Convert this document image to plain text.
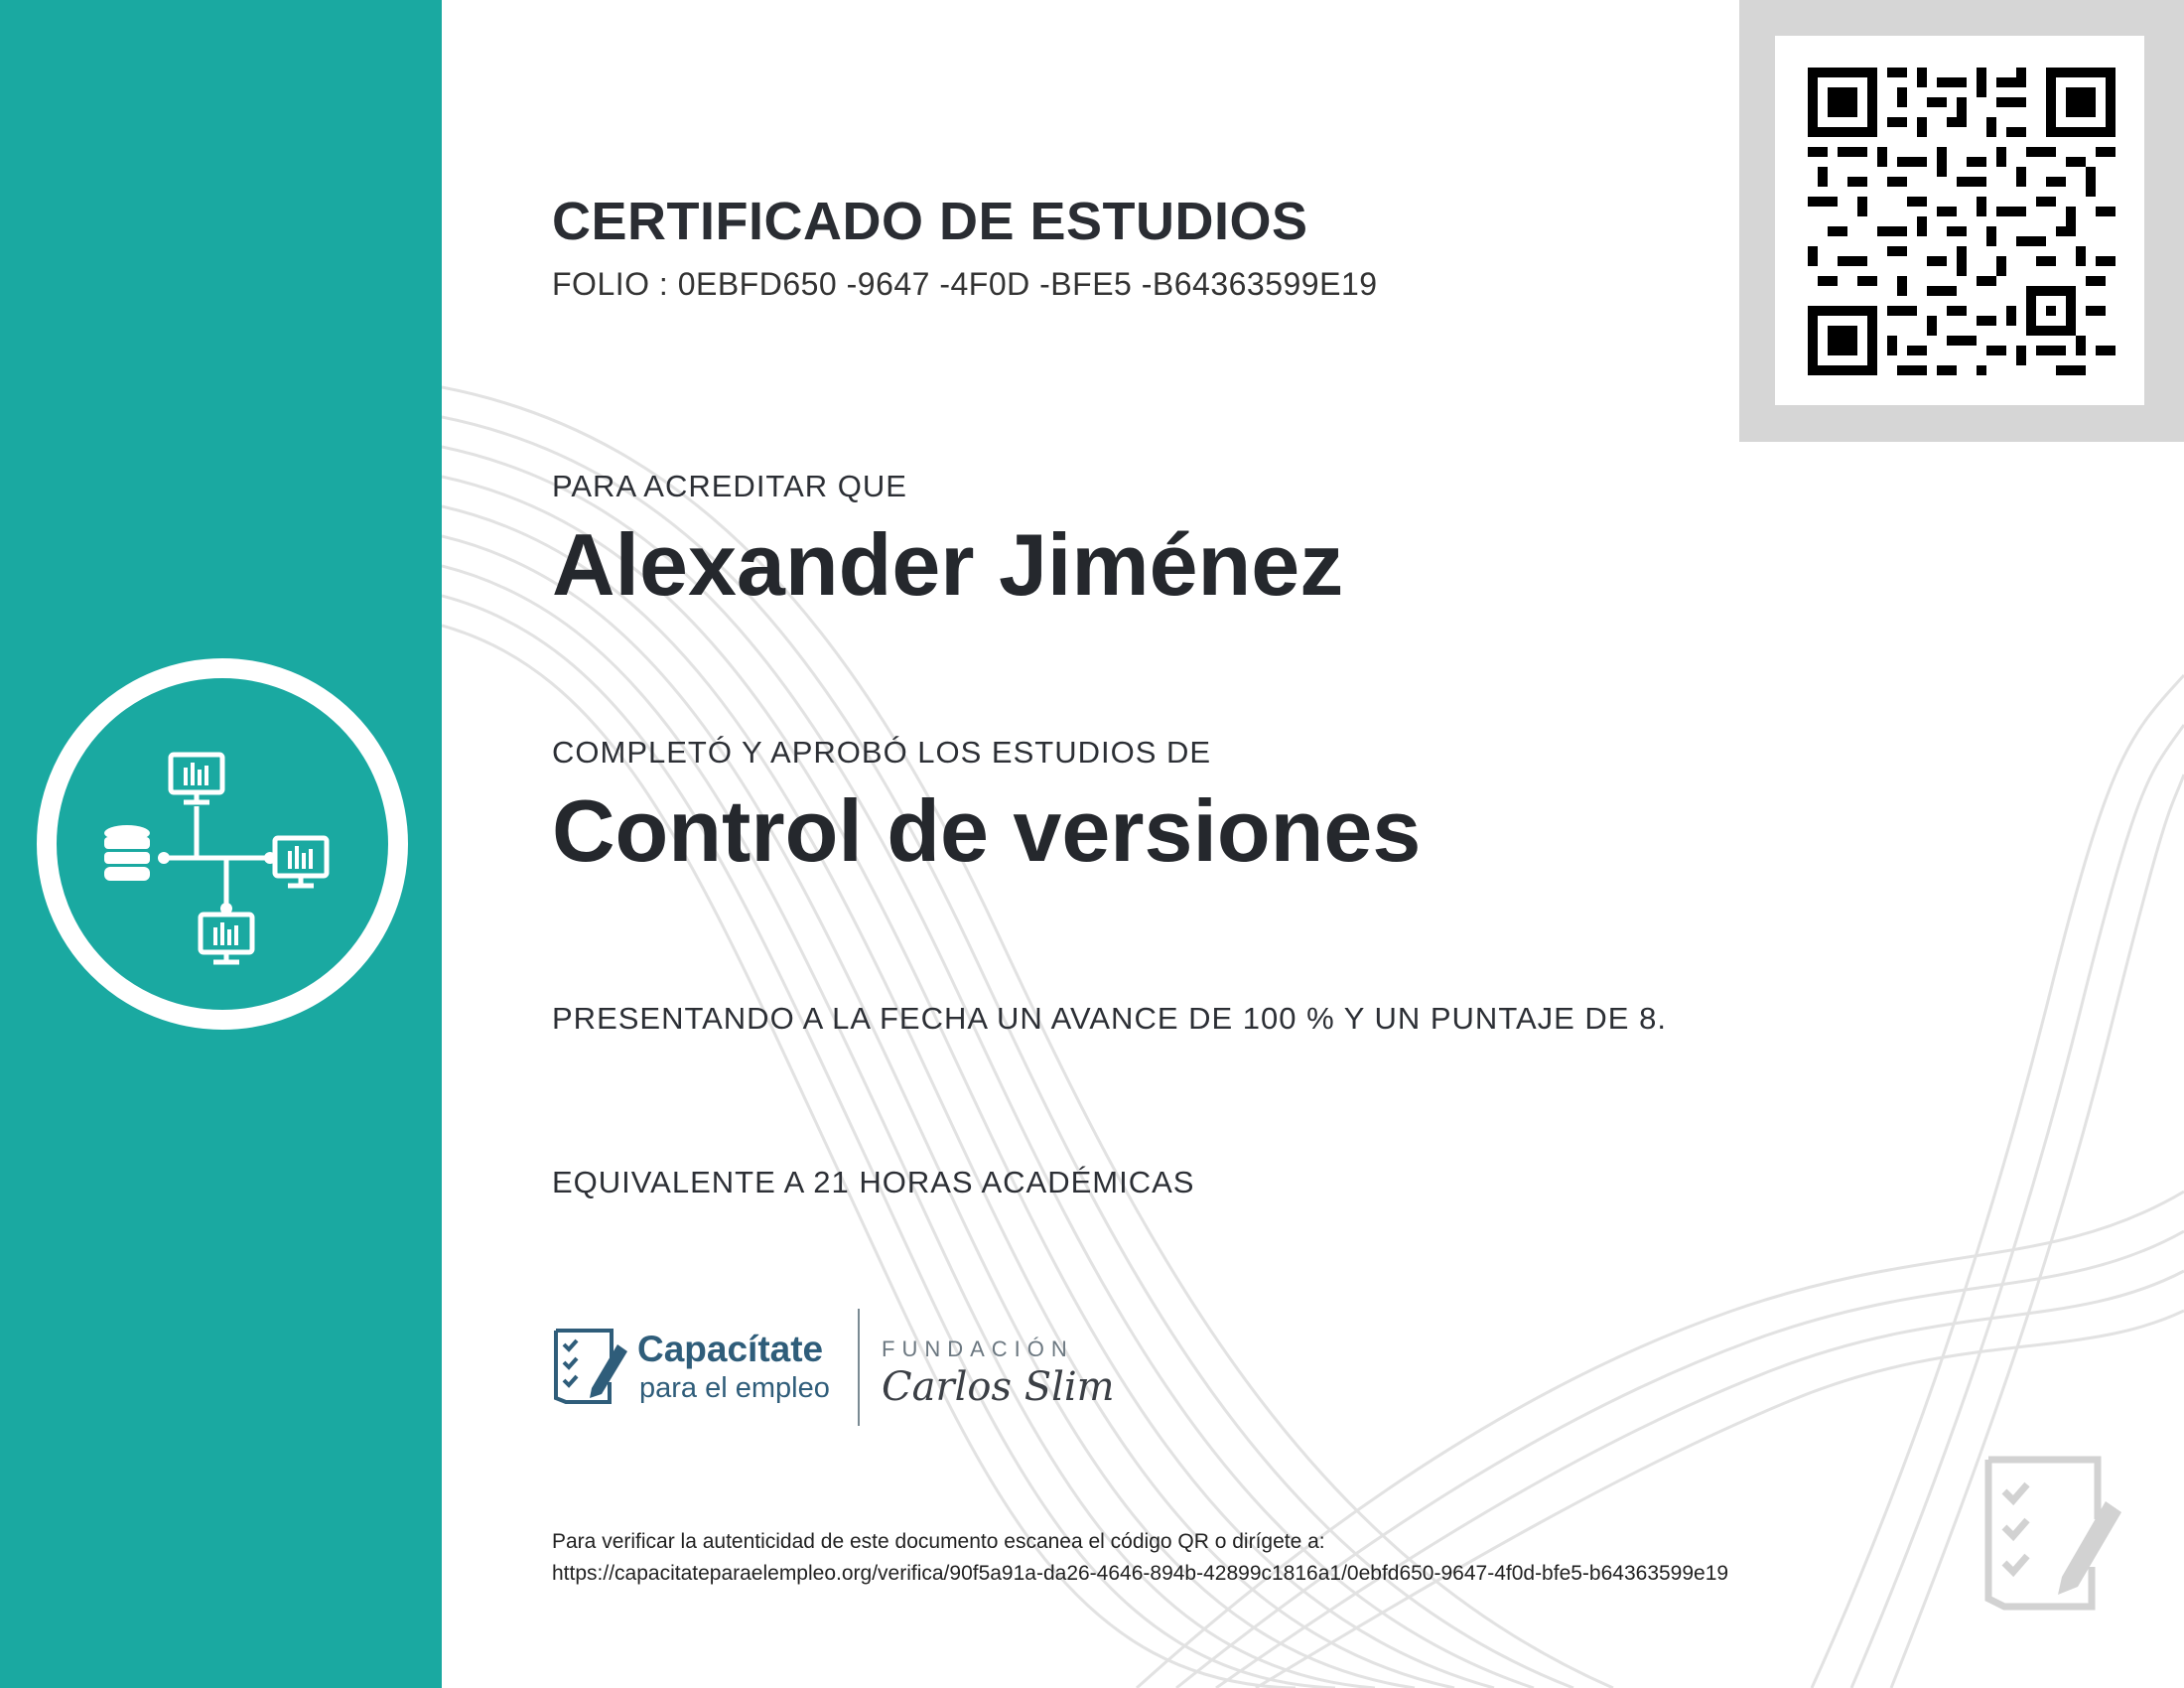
CERTIFICADO DE ESTUDIOS
FOLIO : 0EBFD650 -9647 -4F0D -BFE5 -B64363599E19
PARA ACREDITAR QUE
Alexander Jiménez
COMPLETÓ Y APROBÓ LOS ESTUDIOS DE
Control de versiones
PRESENTANDO A LA FECHA UN AVANCE DE 100 % Y UN PUNTAJE DE 8.
EQUIVALENTE A 21 HORAS ACADÉMICAS
Capacítate
para el empleo
FUNDACIÓN
Carlos Slim
Para verificar la autenticidad de este documento escanea el código QR o dirígete a:
https://capacitateparaelempleo.org/verifica/90f5a91a-da26-4646-894b-42899c1816a1/0ebfd650-9647-4f0d-bfe5-b64363599e19
